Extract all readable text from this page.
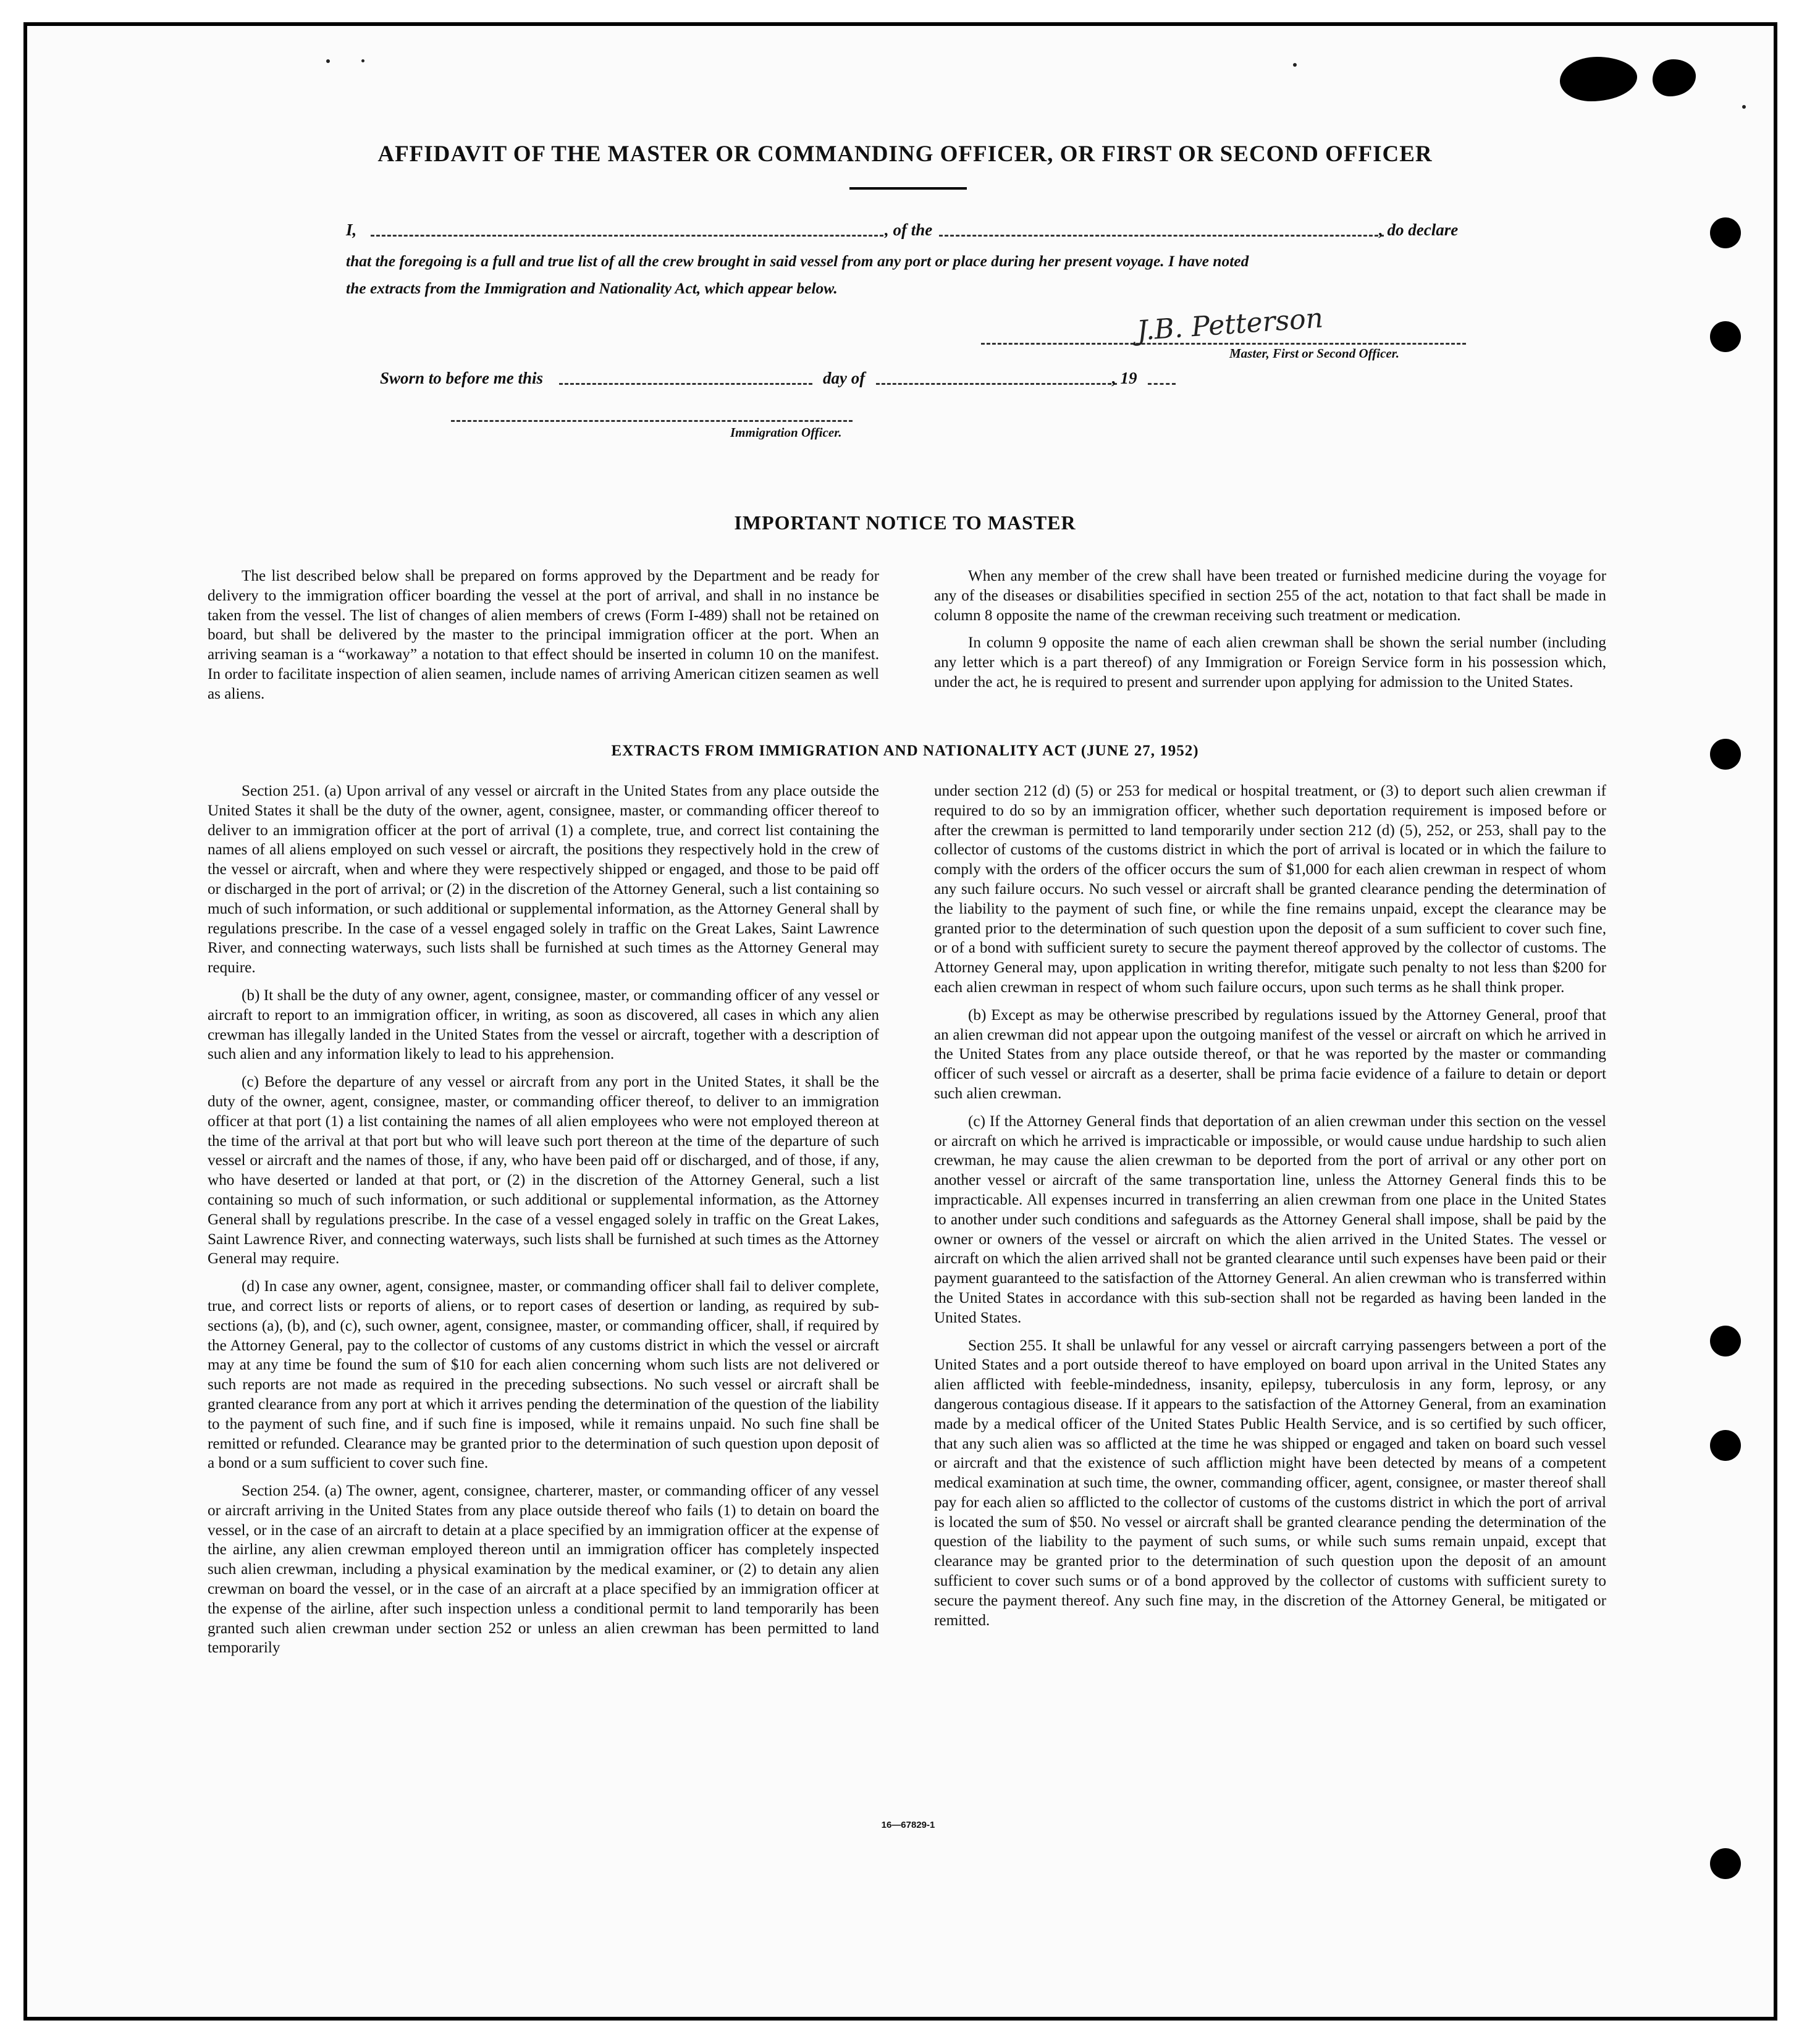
AFFIDAVIT OF THE MASTER OR COMMANDING OFFICER, OR FIRST OR SECOND OFFICER
I,	, of the	, do declare
that the foregoing is a full and true list of all the crew brought in said vessel from any port or place during her present voyage. I have noted
the extracts from the Immigration and Nationality Act, which appear below.
J.B. Petterson
Master, First or Second Officer.
Sworn to before me this	day of	, 19
Immigration Officer.
IMPORTANT NOTICE TO MASTER

The list described below shall be prepared on forms approved by the Department and be ready for delivery to the immigration officer boarding the vessel at the port of arrival, and shall in no instance be taken from the vessel. The list of changes of alien members of crews (Form I-489) shall not be retained on board, but shall be delivered by the master to the principal immigration officer at the port. When an arriving seaman is a “workaway” a notation to that effect should be inserted in column 10 on the manifest. In order to facilitate inspection of alien seamen, include names of arriving American citizen seamen as well as aliens.

When any member of the crew shall have been treated or furnished medicine during the voyage for any of the diseases or disabilities specified in section 255 of the act, notation to that fact shall be made in column 8 opposite the name of the crewman receiving such treatment or medication.

In column 9 opposite the name of each alien crewman shall be shown the serial number (including any letter which is a part thereof) of any Immigration or Foreign Service form in his possession which, under the act, he is required to present and surrender upon applying for admission to the United States.

EXTRACTS FROM IMMIGRATION AND NATIONALITY ACT (JUNE 27, 1952)

Section 251. (a) Upon arrival of any vessel or aircraft in the United States from any place outside the United States it shall be the duty of the owner, agent, consignee, master, or commanding officer thereof to deliver to an immigration officer at the port of arrival (1) a complete, true, and correct list containing the names of all aliens employed on such vessel or aircraft, the positions they respectively hold in the crew of the vessel or aircraft, when and where they were respectively shipped or engaged, and those to be paid off or discharged in the port of arrival; or (2) in the discretion of the Attorney General, such a list containing so much of such information, or such additional or supplemental information, as the Attorney General shall by regulations prescribe. In the case of a vessel engaged solely in traffic on the Great Lakes, Saint Lawrence River, and connecting waterways, such lists shall be furnished at such times as the Attorney General may require.

(b) It shall be the duty of any owner, agent, consignee, master, or commanding officer of any vessel or aircraft to report to an immigration officer, in writing, as soon as discovered, all cases in which any alien crewman has illegally landed in the United States from the vessel or aircraft, together with a description of such alien and any information likely to lead to his apprehension.

(c) Before the departure of any vessel or aircraft from any port in the United States, it shall be the duty of the owner, agent, consignee, master, or commanding officer thereof, to deliver to an immigration officer at that port (1) a list containing the names of all alien employees who were not employed thereon at the time of the arrival at that port but who will leave such port thereon at the time of the departure of such vessel or aircraft and the names of those, if any, who have been paid off or discharged, and of those, if any, who have deserted or landed at that port, or (2) in the discretion of the Attorney General, such a list containing so much of such information, or such additional or supplemental information, as the Attorney General shall by regulations prescribe. In the case of a vessel engaged solely in traffic on the Great Lakes, Saint Lawrence River, and connecting waterways, such lists shall be furnished at such times as the Attorney General may require.

(d) In case any owner, agent, consignee, master, or commanding officer shall fail to deliver complete, true, and correct lists or reports of aliens, or to report cases of desertion or landing, as required by sub-sections (a), (b), and (c), such owner, agent, consignee, master, or commanding officer, shall, if required by the Attorney General, pay to the collector of customs of any customs district in which the vessel or aircraft may at any time be found the sum of $10 for each alien concerning whom such lists are not delivered or such reports are not made as required in the preceding subsections. No such vessel or aircraft shall be granted clearance from any port at which it arrives pending the determination of the question of the liability to the payment of such fine, and if such fine is imposed, while it remains unpaid. No such fine shall be remitted or refunded. Clearance may be granted prior to the determination of such question upon deposit of a bond or a sum sufficient to cover such fine.

Section 254. (a) The owner, agent, consignee, charterer, master, or commanding officer of any vessel or aircraft arriving in the United States from any place outside thereof who fails (1) to detain on board the vessel, or in the case of an aircraft to detain at a place specified by an immigration officer at the expense of the airline, any alien crewman employed thereon until an immigration officer has completely inspected such alien crewman, including a physical examination by the medical examiner, or (2) to detain any alien crewman on board the vessel, or in the case of an aircraft at a place specified by an immigration officer at the expense of the airline, after such inspection unless a conditional permit to land temporarily has been granted such alien crewman under section 252 or unless an alien crewman has been permitted to land temporarily

under section 212 (d) (5) or 253 for medical or hospital treatment, or (3) to deport such alien crewman if required to do so by an immigration officer, whether such deportation requirement is imposed before or after the crewman is permitted to land temporarily under section 212 (d) (5), 252, or 253, shall pay to the collector of customs of the customs district in which the port of arrival is located or in which the failure to comply with the orders of the officer occurs the sum of $1,000 for each alien crewman in respect of whom any such failure occurs. No such vessel or aircraft shall be granted clearance pending the determination of the liability to the payment of such fine, or while the fine remains unpaid, except the clearance may be granted prior to the determination of such question upon the deposit of a sum sufficient to cover such fine, or of a bond with sufficient surety to secure the payment thereof approved by the collector of customs. The Attorney General may, upon application in writing therefor, mitigate such penalty to not less than $200 for each alien crewman in respect of whom such failure occurs, upon such terms as he shall think proper.

(b) Except as may be otherwise prescribed by regulations issued by the Attorney General, proof that an alien crewman did not appear upon the outgoing manifest of the vessel or aircraft on which he arrived in the United States from any place outside thereof, or that he was reported by the master or commanding officer of such vessel or aircraft as a deserter, shall be prima facie evidence of a failure to detain or deport such alien crewman.

(c) If the Attorney General finds that deportation of an alien crewman under this section on the vessel or aircraft on which he arrived is impracticable or impossible, or would cause undue hardship to such alien crewman, he may cause the alien crewman to be deported from the port of arrival or any other port on another vessel or aircraft of the same transportation line, unless the Attorney General finds this to be impracticable. All expenses incurred in transferring an alien crewman from one place in the United States to another under such conditions and safeguards as the Attorney General shall impose, shall be paid by the owner or owners of the vessel or aircraft on which the alien arrived in the United States. The vessel or aircraft on which the alien arrived shall not be granted clearance until such expenses have been paid or their payment guaranteed to the satisfaction of the Attorney General. An alien crewman who is transferred within the United States in accordance with this sub-section shall not be regarded as having been landed in the United States.

Section 255. It shall be unlawful for any vessel or aircraft carrying passengers between a port of the United States and a port outside thereof to have employed on board upon arrival in the United States any alien afflicted with feeble-mindedness, insanity, epilepsy, tuberculosis in any form, leprosy, or any dangerous contagious disease. If it appears to the satisfaction of the Attorney General, from an examination made by a medical officer of the United States Public Health Service, and is so certified by such officer, that any such alien was so afflicted at the time he was shipped or engaged and taken on board such vessel or aircraft and that the existence of such affliction might have been detected by means of a competent medical examination at such time, the owner, commanding officer, agent, consignee, or master thereof shall pay for each alien so afflicted to the collector of customs of the customs district in which the port of arrival is located the sum of $50. No vessel or aircraft shall be granted clearance pending the determination of the question of the liability to the payment of such sums, or while such sums remain unpaid, except that clearance may be granted prior to the determination of such question upon the deposit of an amount sufficient to cover such sums or of a bond approved by the collector of customs with sufficient surety to secure the payment thereof. Any such fine may, in the discretion of the Attorney General, be mitigated or remitted.

16—67829-1
